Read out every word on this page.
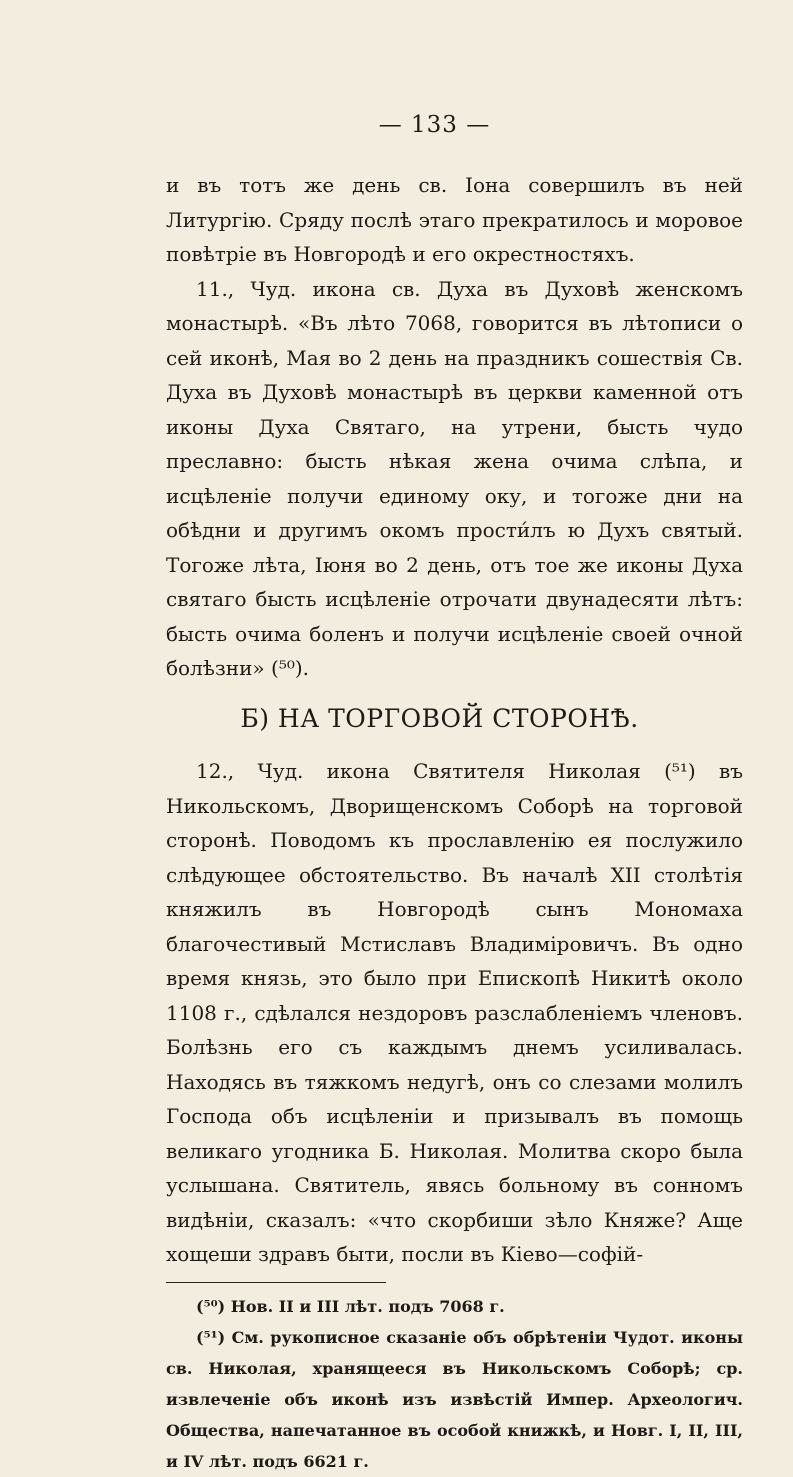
— 133 —

и въ тотъ же день св. Іона совершилъ въ ней Литургію. Сряду послѣ этаго прекратилось и моровое повѣтріе въ Новгородѣ и его окрестностяхъ.

11., Чуд. икона св. Духа въ Духовѣ женскомъ монастырѣ. «Въ лѣто 7068, говорится въ лѣтописи о сей иконѣ, Мая во 2 день на праздникъ сошествія Св. Духа въ Духовѣ монастырѣ въ церкви каменной отъ иконы Духа Святаго, на утрени, бысть чудо преславно: бысть нѣкая жена очима слѣпа, и исцѣленіе получи единому оку, и тогоже дни на обѣдни и другимъ окомъ прости́лъ ю Духъ святый. Тогоже лѣта, Іюня во 2 день, отъ тое же иконы Духа святаго бысть исцѣленіе отрочати двунадесяти лѣтъ: бысть очима боленъ и получи исцѣленіе своей очной болѣзни» (⁵⁰).

Б) НА ТОРГОВОЙ СТОРОНѢ.

12., Чуд. икона Святителя Николая (⁵¹) въ Никольскомъ, Дворищенскомъ Соборѣ на торговой сторонѣ. Поводомъ къ прославленію ея послужило слѣдующее обстоятельство. Въ началѣ XII столѣтія княжилъ въ Новгородѣ сынъ Мономаха благочестивый Мстиславъ Владиміровичъ. Въ одно время князь, это было при Епископѣ Никитѣ около 1108 г., сдѣлался нездоровъ разслабленіемъ членовъ. Болѣзнь его съ каждымъ днемъ усиливалась. Находясь въ тяжкомъ недугѣ, онъ со слезами молилъ Господа объ исцѣленіи и призывалъ въ помощь великаго угодника Б. Николая. Молитва скоро была услышана. Святитель, явясь больному въ сонномъ видѣніи, сказалъ: «что скорбиши зѣло Княже? Аще хощеши здравъ быти, посли въ Кіево—софій-

(⁵⁰) Нов. II и III лѣт. подъ 7068 г.

(⁵¹) См. рукописное сказаніе объ обрѣтеніи Чудот. иконы св. Николая, хранящееся въ Никольскомъ Соборѣ; ср. извлеченіе объ иконѣ изъ извѣстій Импер. Археологич. Общества, напечатанное въ особой книжкѣ, и Новг. I, II, III, и IV лѣт. подъ 6621 г.
